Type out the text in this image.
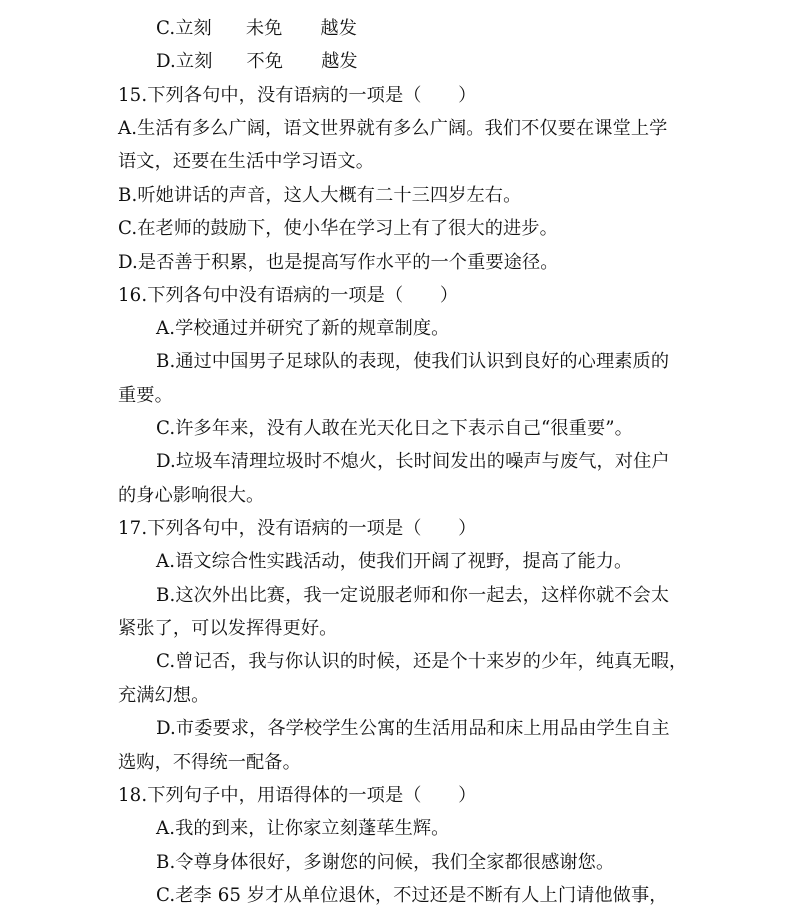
C.立刻 未免 越发
D.立刻 不免 越发
15.下列各句中，没有语病的一项是（　　）
A.生活有多么广阔，语文世界就有多么广阔。我们不仅要在课堂上学
语文，还要在生活中学习语文。
B.听她讲话的声音，这人大概有二十三四岁左右。
C.在老师的鼓励下，使小华在学习上有了很大的进步。
D.是否善于积累，也是提高写作水平的一个重要途径。
16.下列各句中没有语病的一项是（　　）
A.学校通过并研究了新的规章制度。
B.通过中国男子足球队的表现，使我们认识到良好的心理素质的
重要。
C.许多年来，没有人敢在光天化日之下表示自己“很重要”。
D.垃圾车清理垃圾时不熄火，长时间发出的噪声与废气，对住户
的身心影响很大。
17.下列各句中，没有语病的一项是（　　）
A.语文综合性实践活动，使我们开阔了视野，提高了能力。
B.这次外出比赛，我一定说服老师和你一起去，这样你就不会太
紧张了，可以发挥得更好。
C.曾记否，我与你认识的时候，还是个十来岁的少年，纯真无暇，
充满幻想。
D.市委要求，各学校学生公寓的生活用品和床上用品由学生自主
选购，不得统一配备。
18.下列句子中，用语得体的一项是（　　）
A.我的到来，让你家立刻蓬荜生辉。
B.令尊身体很好，多谢您的问候，我们全家都很感谢您。
C.老李 65 岁才从单位退休，不过还是不断有人上门请他做事，
